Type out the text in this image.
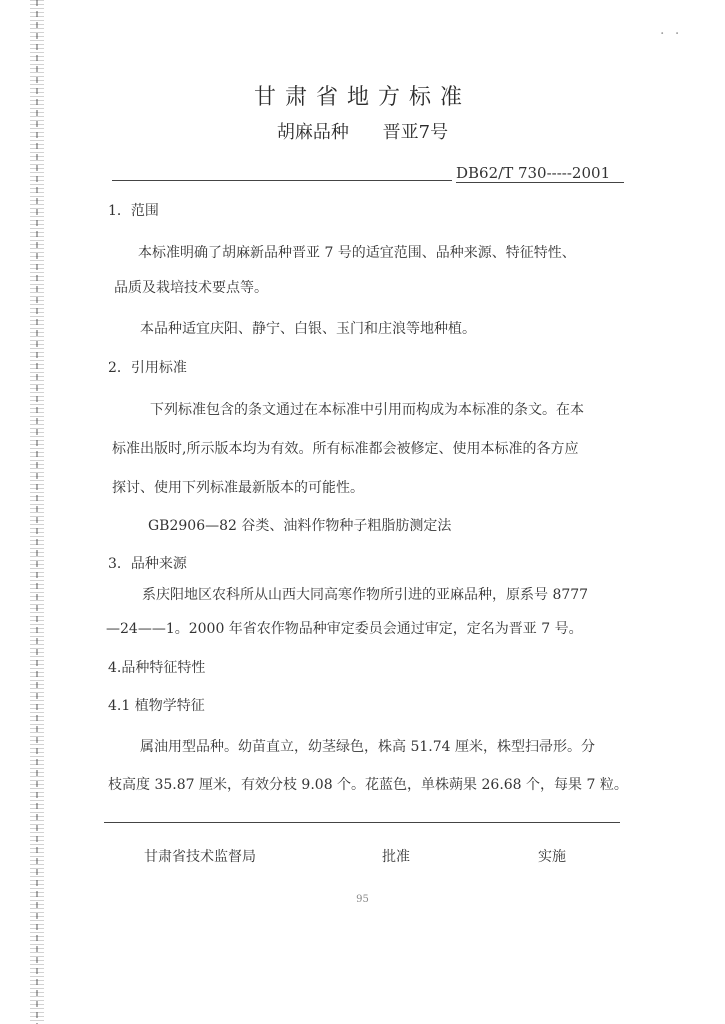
· ·
甘肃省地方标准
胡麻品种 晋亚7号
DB62/T 730-----2001
1．范围
本标准明确了胡麻新品种晋亚 7 号的适宜范围、品种来源、特征特性、
品质及栽培技术要点等。
本品种适宜庆阳、静宁、白银、玉门和庄浪等地种植。
2．引用标准
下列标准包含的条文通过在本标准中引用而构成为本标准的条文。在本
标准出版时,所示版本均为有效。所有标准都会被修定、使用本标准的各方应
探讨、使用下列标准最新版本的可能性。
GB2906—82 谷类、油料作物种子粗脂肪测定法
3．品种来源
系庆阳地区农科所从山西大同高寒作物所引进的亚麻品种，原系号 8777
—24——1。2000 年省农作物品种审定委员会通过审定，定名为晋亚 7 号。
4.品种特征特性
4.1 植物学特征
属油用型品种。幼苗直立，幼茎绿色，株高 51.74 厘米，株型扫帚形。分
枝高度 35.87 厘米，有效分枝 9.08 个。花蓝色，单株蒴果 26.68 个，每果 7 粒。
甘肃省技术监督局	批准	实施
95
